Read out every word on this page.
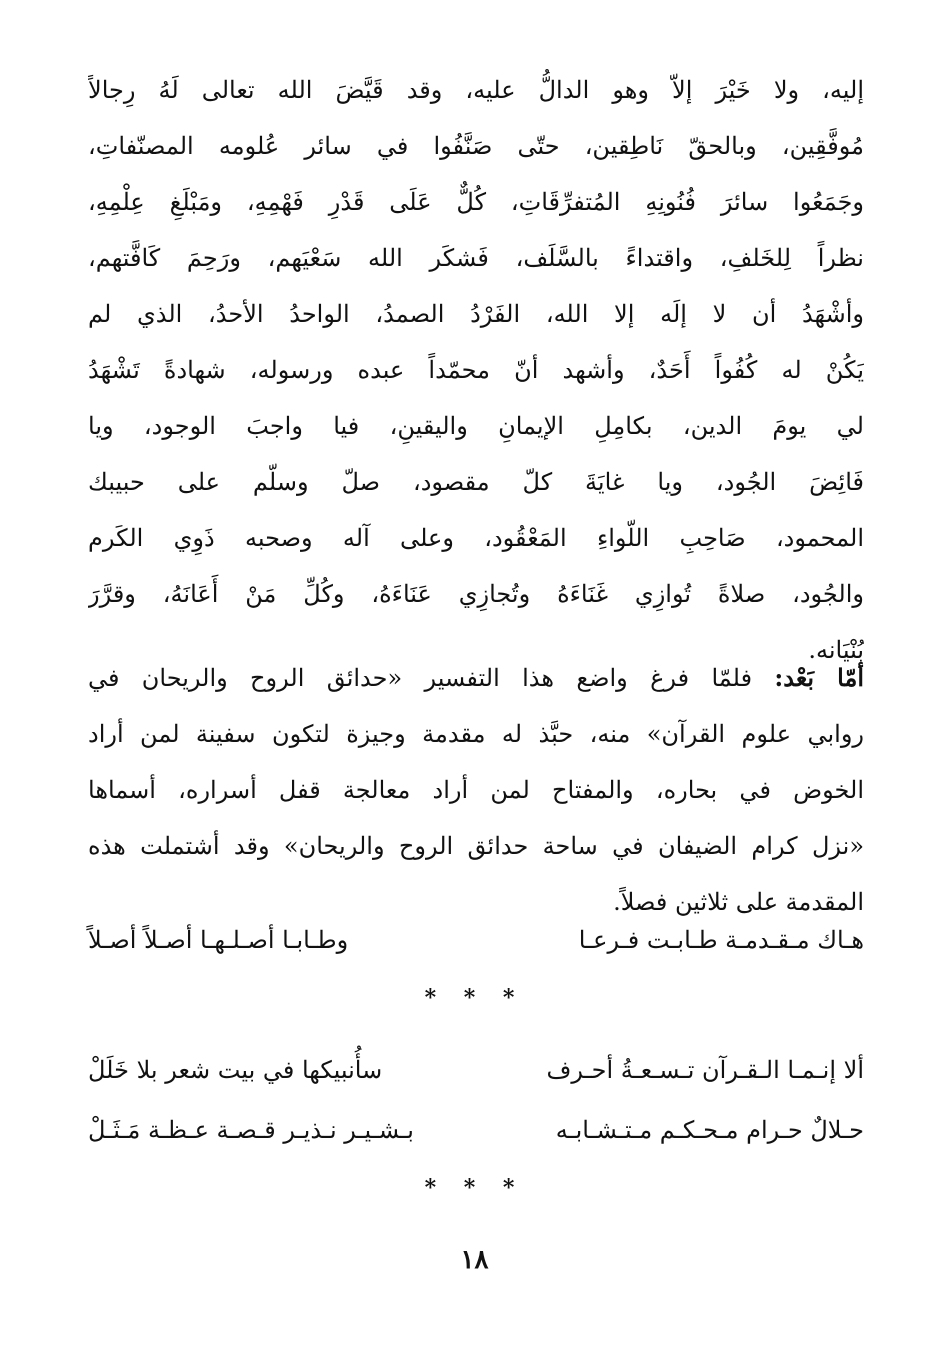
إليه، ولا خَيْرَ إلاّ وهو الدالُّ عليه، وقد قَيَّضَ الله تعالى لَهُ رِجالاً
مُوفَّقِين، وبالحقّ نَاطِقين، حتّى صَنَّفُوا في سائر عُلومه المصنّفاتِ،
وجَمَعُوا سائرَ فُنُونِهِ المُتفرِّقَاتِ، كُلٌّ عَلَى قَدْرِ فَهْمِهِ، ومَبْلَغِ عِلْمِهِ،
نظراً لِلخَلفِ، واقتداءً بالسَّلَف، فَشكَر الله سَعْيَهم، ورَحِمَ كَافَّتهم،
وأشْهَدُ أن لا إلَه إلا الله، الفَرْدُ الصمدُ، الواحدُ الأحدُ، الذي لم
يَكُنْ له كُفُواً أَحَدٌ، وأشهد أنّ محمّداً عبده ورسوله، شهادةً تَشْهَدُ
لي يومَ الدين، بكامِلِ الإيمانِ واليقينِ، فيا واجبَ الوجود، ويا
فَائِضَ الجُود، ويا غايَةَ كلّ مقصود، صلّ وسلّم على حبيبك
المحمود، صَاحِبِ اللّواءِ المَعْقُود، وعلى آله وصحبه ذَوِي الكَرم
والجُود، صلاةً تُوازِي غَنَاءَهُ وتُجازِي عَنَاءَهُ، وكُلِّ مَنْ أَعَانَهُ، وقرَّرَ
بُنْيَانه.
أمّا بَعْد: فلمّا فرغ واضع هذا التفسير «حدائق الروح والريحان في
روابي علوم القرآن» منه، حبَّذ له مقدمة وجيزة لتكون سفينة لمن أراد
الخوض في بحاره، والمفتاح لمن أراد معالجة قفل أسراره، أسماها
«نزل كرام الضيفان في ساحة حدائق الروح والريحان» وقد أشتملت هذه
المقدمة على ثلاثين فصلاً.
هـاك مـقـدمـة طـابـت فـرعـا
وطـابـا أصـلـهـا أصـلاً أصـلاً
* * *
ألا إنـمـا الـقـرآن تـسـعـةُ أحـرف
سأُنبيكها في بيت شعر بلا خَلَلْ
حـلالٌ حـرام مـحـكـم مـتـشـابـه
بـشـيـر نـذيـر قـصـة عـظـة مَـثَـلْ
* * *
١٨
